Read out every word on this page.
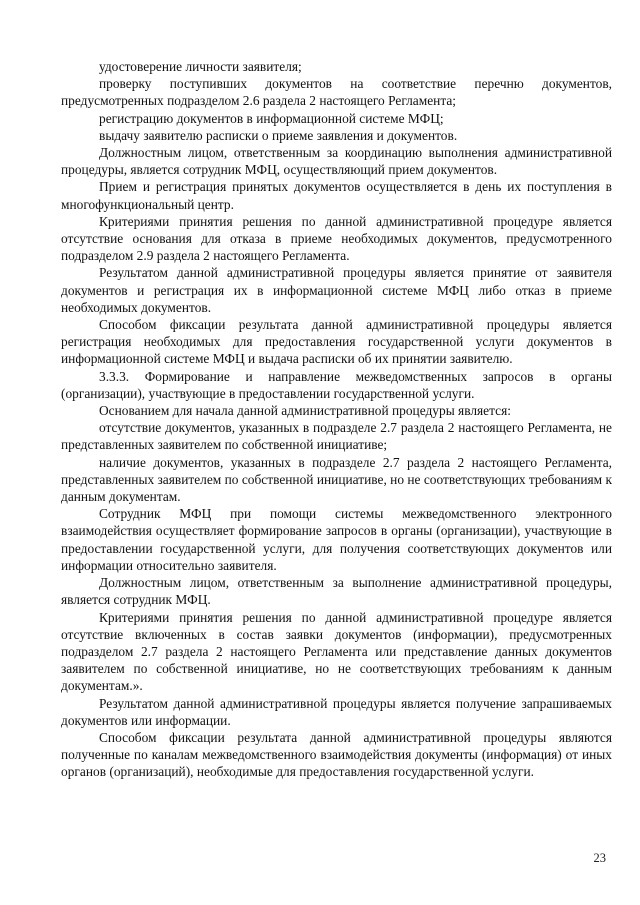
удостоверение личности заявителя;

проверку поступивших документов на соответствие перечню документов, предусмотренных подразделом 2.6 раздела 2 настоящего Регламента;

регистрацию документов в информационной системе МФЦ;

выдачу заявителю расписки о приеме заявления и документов.

Должностным лицом, ответственным за координацию выполнения административной процедуры, является сотрудник МФЦ, осуществляющий прием документов.

Прием и регистрация принятых документов осуществляется в день их поступления в многофункциональный центр.

Критериями принятия решения по данной административной процедуре является отсутствие основания для отказа в приеме необходимых документов, предусмотренного подразделом 2.9 раздела 2 настоящего Регламента.

Результатом данной административной процедуры является принятие от заявителя документов и регистрация их в информационной системе МФЦ либо отказ в приеме необходимых документов.

Способом фиксации результата данной административной процедуры является регистрация необходимых для предоставления государственной услуги документов в информационной системе МФЦ и выдача расписки об их принятии заявителю.

3.3.3. Формирование и направление межведомственных запросов в органы (организации), участвующие в предоставлении государственной услуги.

Основанием для начала данной административной процедуры является:

отсутствие документов, указанных в подразделе 2.7 раздела 2 настоящего Регламента, не представленных заявителем по собственной инициативе;

наличие документов, указанных в подразделе 2.7 раздела 2 настоящего Регламента, представленных заявителем по собственной инициативе, но не соответствующих требованиям к данным документам.

Сотрудник МФЦ при помощи системы межведомственного электронного взаимодействия осуществляет формирование запросов в органы (организации), участвующие в предоставлении государственной услуги, для получения соответствующих документов или информации относительно заявителя.

Должностным лицом, ответственным за выполнение административной процедуры, является сотрудник МФЦ.

Критериями принятия решения по данной административной процедуре является отсутствие включенных в состав заявки документов (информации), предусмотренных подразделом 2.7 раздела 2 настоящего Регламента или представление данных документов заявителем по собственной инициативе, но не соответствующих требованиям к данным документам.».

Результатом данной административной процедуры является получение запрашиваемых документов или информации.

Способом фиксации результата данной административной процедуры являются полученные по каналам межведомственного взаимодействия документы (информация) от иных органов (организаций), необходимые для предоставления государственной услуги.

23
